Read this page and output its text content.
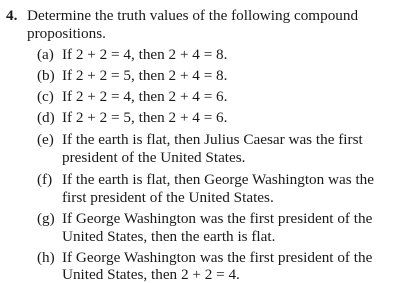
4. Determine the truth values of the following compound
propositions.
(a) If 2 + 2 = 4, then 2 + 4 = 8.
(b) If 2 + 2 = 5, then 2 + 4 = 8.
(c) If 2 + 2 = 4, then 2 + 4 = 6.
(d) If 2 + 2 = 5, then 2 + 4 = 6.
(e) If the earth is flat, then Julius Caesar was the first
president of the United States.
(f) If the earth is flat, then George Washington was the
first president of the United States.
(g) If George Washington was the first president of the
United States, then the earth is flat.
(h) If George Washington was the first president of the
United States, then 2 + 2 = 4.
